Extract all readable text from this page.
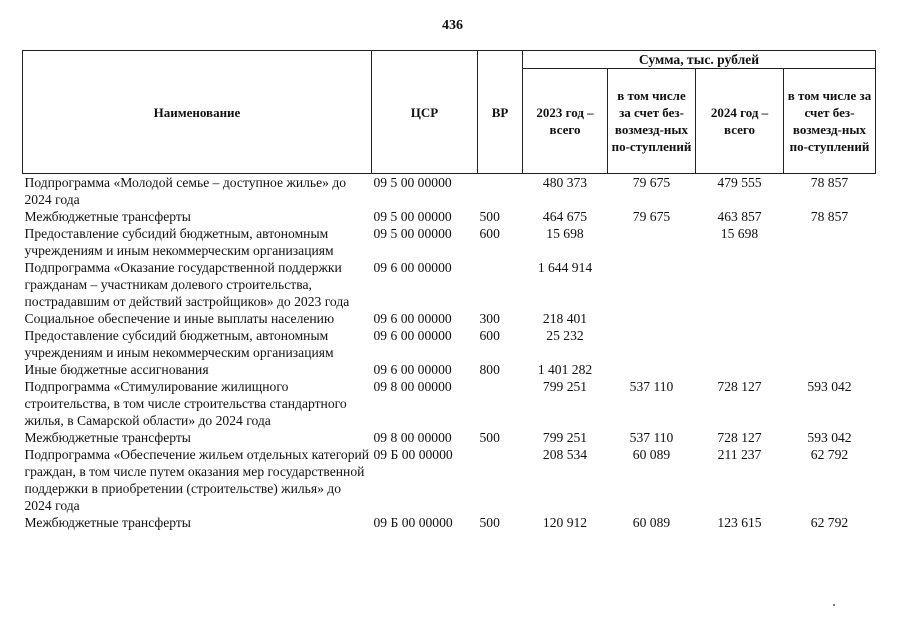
436
Наименование	ЦСР	ВР	Сумма, тыс. рублей			
			2023 год – всего	в том числе за счет без-возмезд-ных по-ступлений	2024 год – всего	в том числе за счет без-возмезд-ных по-ступлений
Подпрограмма «Молодой семье – доступное жилье» до 2024 года	09 5 00 00000		480 373	79 675	479 555	78 857
Межбюджетные трансферты	09 5 00 00000	500	464 675	79 675	463 857	78 857
Предоставление субсидий бюджетным, автономным учреждениям и иным некоммерческим организациям	09 5 00 00000	600	15 698		15 698	
Подпрограмма «Оказание государственной поддержки гражданам – участникам долевого строительства, пострадавшим от действий застройщиков» до 2023 года	09 6 00 00000		1 644 914			
Социальное обеспечение и иные выплаты населению	09 6 00 00000	300	218 401			
Предоставление субсидий бюджетным, автономным учреждениям и иным некоммерческим организациям	09 6 00 00000	600	25 232			
Иные бюджетные ассигнования	09 6 00 00000	800	1 401 282			
Подпрограмма «Стимулирование жилищного строительства, в том числе строительства стандартного жилья, в Самарской области» до 2024 года	09 8 00 00000		799 251	537 110	728 127	593 042
Межбюджетные трансферты	09 8 00 00000	500	799 251	537 110	728 127	593 042
Подпрограмма «Обеспечение жильем отдельных категорий граждан, в том числе путем оказания мер государственной поддержки в приобретении (строительстве) жилья» до 2024 года	09 Б 00 00000		208 534	60 089	211 237	62 792
Межбюджетные трансферты	09 Б 00 00000	500	120 912	60 089	123 615	62 792
